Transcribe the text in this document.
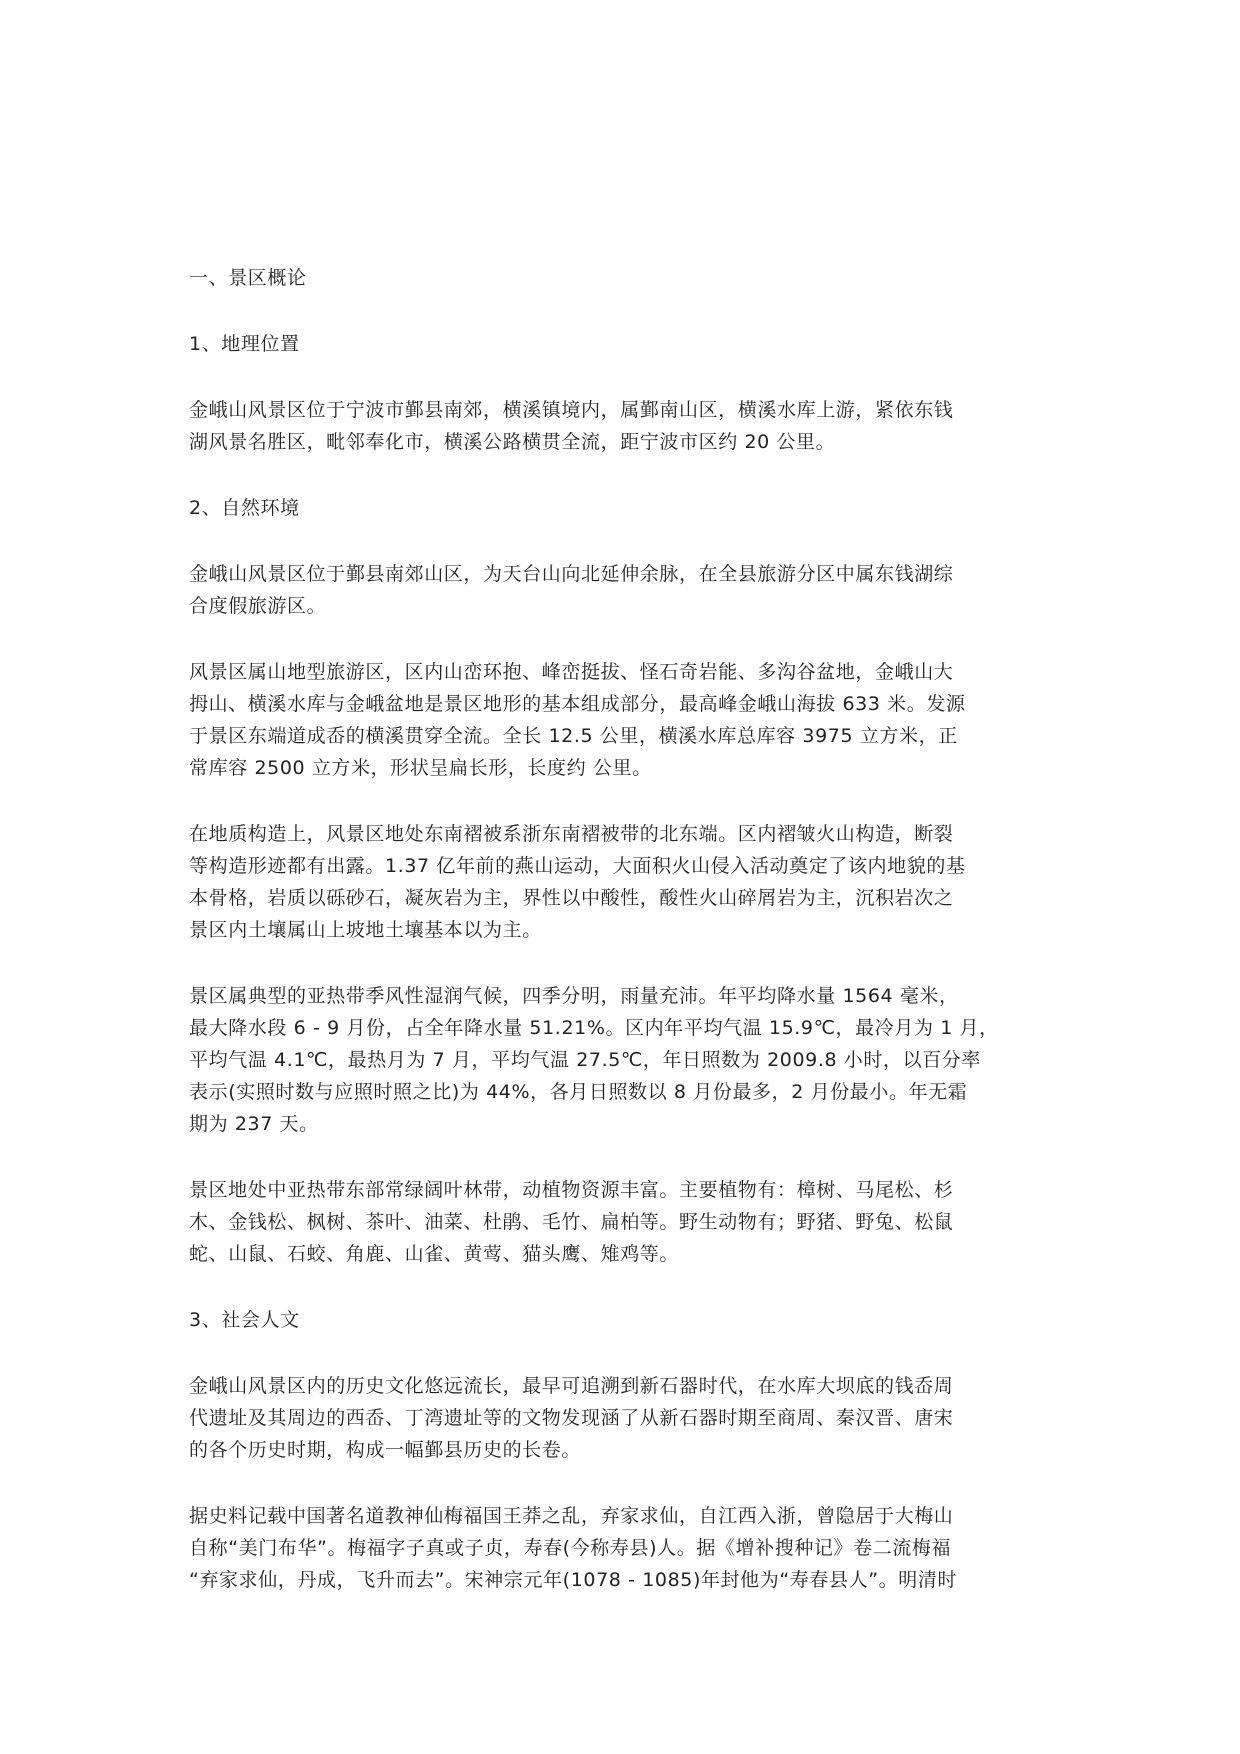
一、景区概论
1、地理位置
金峨山风景区位于宁波市鄞县南郊，横溪镇境内，属鄞南山区，横溪水库上游，紧依东钱
湖风景名胜区，毗邻奉化市，横溪公路横贯全流，距宁波市区约 20 公里。
2、自然环境
金峨山风景区位于鄞县南郊山区，为天台山向北延伸余脉，在全县旅游分区中属东钱湖综
合度假旅游区。
风景区属山地型旅游区，区内山峦环抱、峰峦挺拔、怪石奇岩能、多沟谷盆地，金峨山大
拇山、横溪水库与金峨盆地是景区地形的基本组成部分，最高峰金峨山海拔 633 米。发源
于景区东端道成岙的横溪贯穿全流。全长 12.5 公里，横溪水库总库容 3975 立方米，正
常库容 2500 立方米，形状呈扁长形，长度约 公里。
在地质构造上，风景区地处东南褶被系浙东南褶被带的北东端。区内褶皱火山构造，断裂
等构造形迹都有出露。1.37 亿年前的燕山运动，大面积火山侵入活动奠定了该内地貌的基
本骨格，岩质以砾砂石，凝灰岩为主，界性以中酸性，酸性火山碎屑岩为主，沉积岩次之
景区内土壤属山上坡地土壤基本以为主。
景区属典型的亚热带季风性湿润气候，四季分明，雨量充沛。年平均降水量 1564 毫米，
最大降水段 6 - 9 月份，占全年降水量 51.21%。区内年平均气温 15.9℃，最冷月为 1 月，
平均气温 4.1℃，最热月为 7 月，平均气温 27.5℃，年日照数为 2009.8 小时，以百分率
表示(实照时数与应照时照之比)为 44%，各月日照数以 8 月份最多，2 月份最小。年无霜
期为 237 天。
景区地处中亚热带东部常绿阔叶林带，动植物资源丰富。主要植物有：樟树、马尾松、杉
木、金钱松、枫树、茶叶、油菜、杜鹃、毛竹、扁柏等。野生动物有；野猪、野兔、松鼠
蛇、山鼠、石蛟、角鹿、山雀、黄莺、猫头鹰、雉鸡等。
3、社会人文
金峨山风景区内的历史文化悠远流长，最早可追溯到新石器时代，在水库大坝底的钱岙周
代遗址及其周边的西岙、丁湾遗址等的文物发现涵了从新石器时期至商周、秦汉晋、唐宋
的各个历史时期，构成一幅鄞县历史的长卷。
据史料记载中国著名道教神仙梅福国王莽之乱，弃家求仙，自江西入浙，曾隐居于大梅山
自称“美门布华”。梅福字子真或子贞，寿春(今称寿县)人。据《增补搜种记》卷二流梅福
“弃家求仙，丹成，飞升而去”。宋神宗元年(1078 - 1085)年封他为“寿春县人”。明清时
